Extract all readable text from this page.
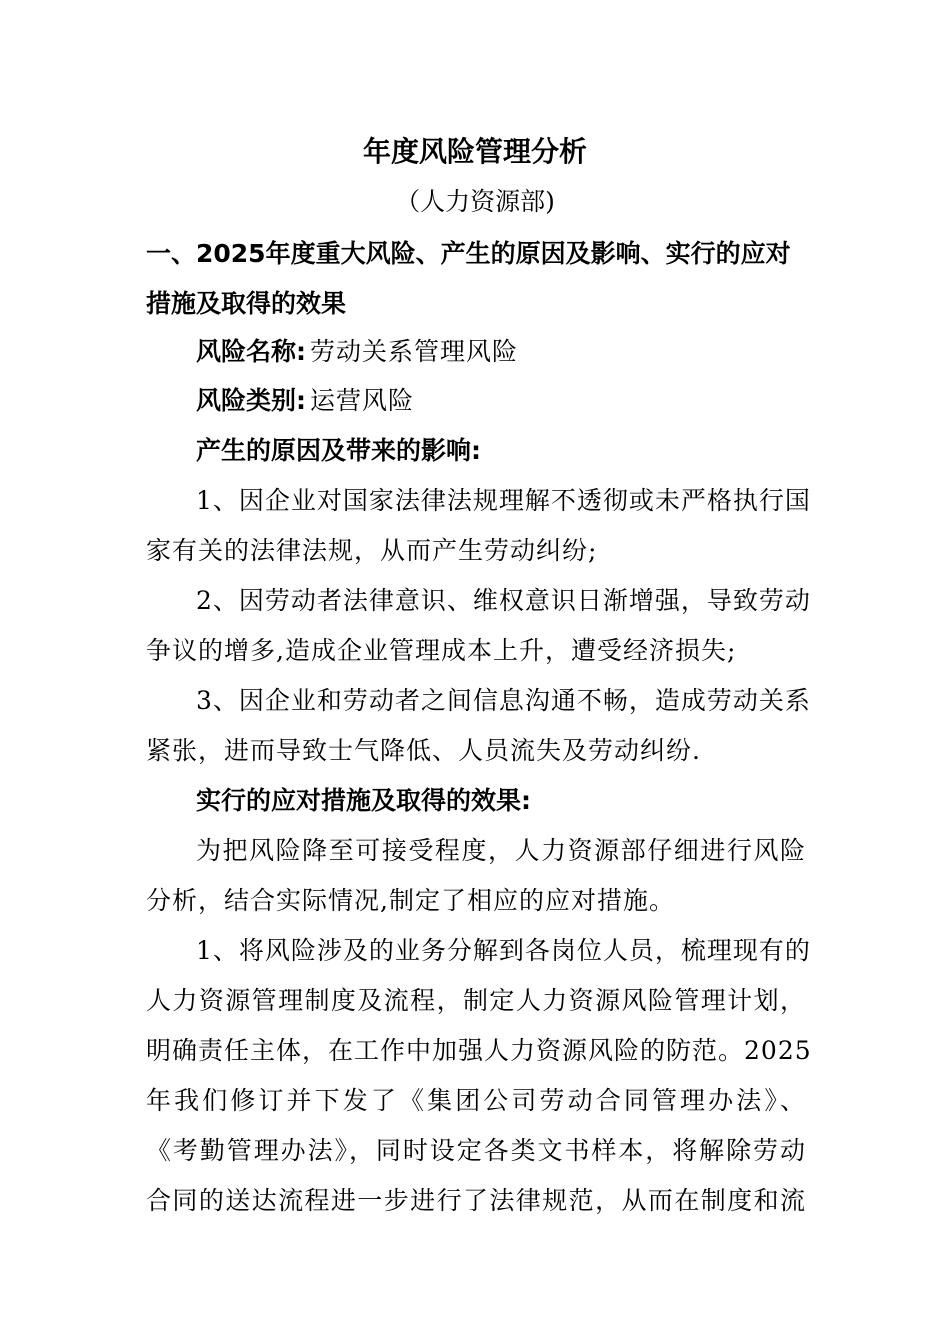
年度风险管理分析
（人力资源部)
一、2025年度重大风险、产生的原因及影响、实行的应对措施及取得的效果
风险名称: 劳动关系管理风险
风险类别: 运营风险
产生的原因及带来的影响:
1、因企业对国家法律法规理解不透彻或未严格执行国
家有关的法律法规，从而产生劳动纠纷;
2、因劳动者法律意识、维权意识日渐增强，导致劳动
争议的增多,造成企业管理成本上升，遭受经济损失;
3、因企业和劳动者之间信息沟通不畅，造成劳动关系
紧张，进而导致士气降低、人员流失及劳动纠纷.
实行的应对措施及取得的效果:
为把风险降至可接受程度，人力资源部仔细进行风险
分析，结合实际情况,制定了相应的应对措施。
1、将风险涉及的业务分解到各岗位人员，梳理现有的
人力资源管理制度及流程，制定人力资源风险管理计划，
明确责任主体，在工作中加强人力资源风险的防范。2025
年我们修订并下发了《集团公司劳动合同管理办法》、
《考勤管理办法》，同时设定各类文书样本，将解除劳动
合同的送达流程进一步进行了法律规范，从而在制度和流
